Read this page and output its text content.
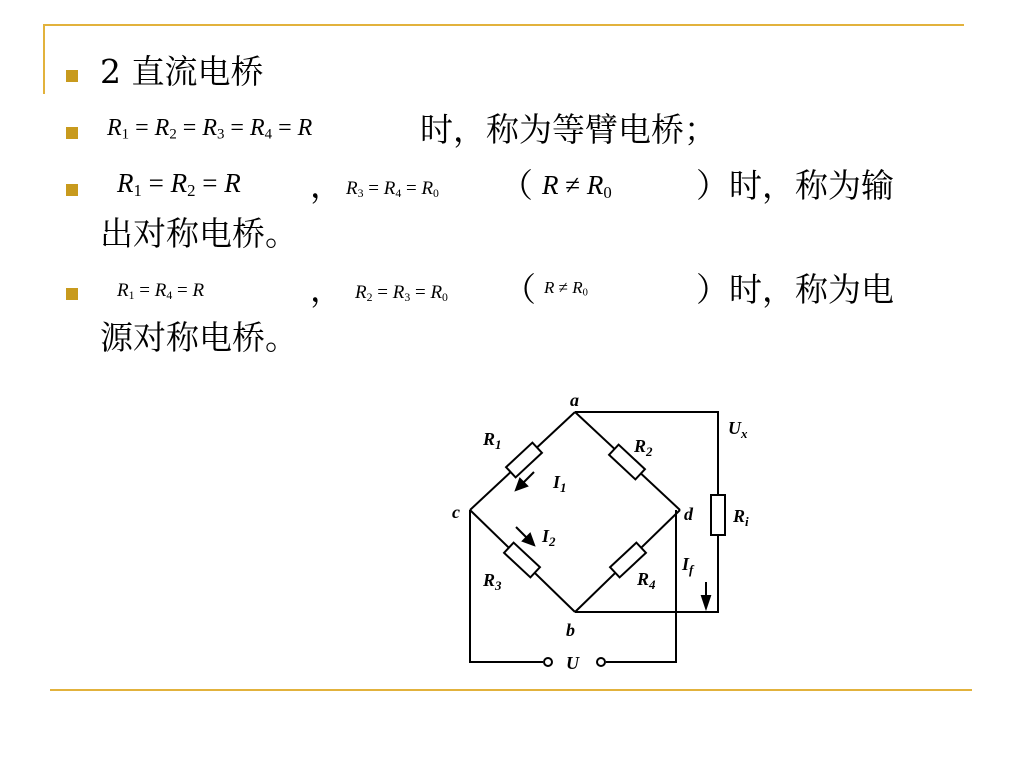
2 直流电桥
$R_1 = R_2 = R_3 = R_4 = R$	时，称为等臂电桥；
$R_1 = R_2 = R$ ， $R_3 = R_4 = R_0$ （ $R \ne R_0$	）时，称为输
出对称电桥。
$R_1 = R_4 = R$	， $R_2 = R_3 = R_0$ （ $R \ne R_0$	）时，称为电
源对称电桥。
a
b
c	d
$R_1$	$R_2$
$R_3$	$R_4$
$R_i$
$I_1$
$I_2$
$I_f$
$U_x$
U
